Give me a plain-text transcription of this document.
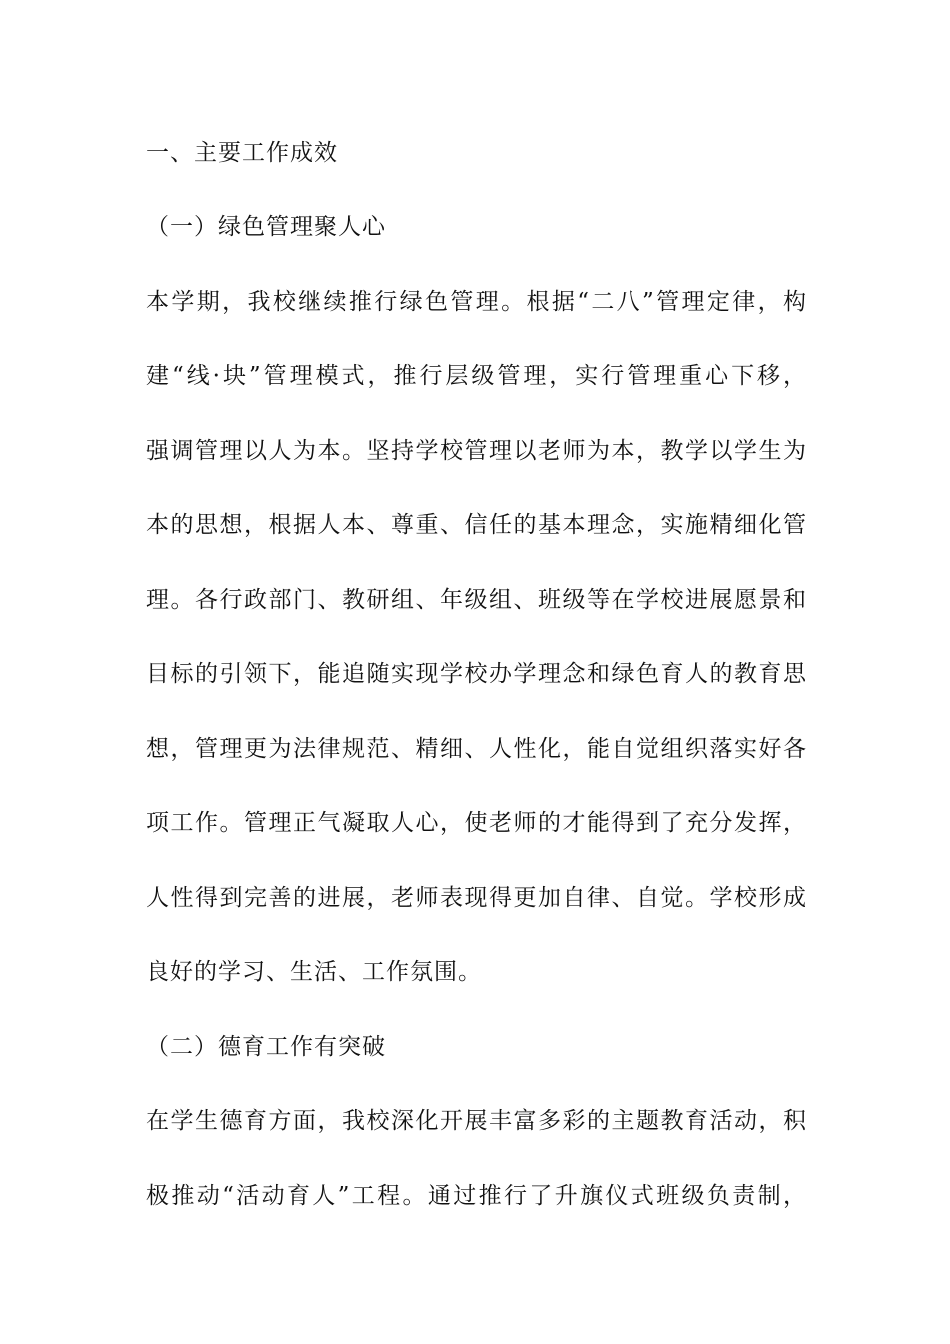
一、主要工作成效
（一）绿色管理聚人心
本学期，我校继续推行绿色管理。根据“二八”管理定律，构
建“线·块”管理模式，推行层级管理，实行管理重心下移，
强调管理以人为本。坚持学校管理以老师为本，教学以学生为
本的思想，根据人本、尊重、信任的基本理念，实施精细化管
理。各行政部门、教研组、年级组、班级等在学校进展愿景和
目标的引领下，能追随实现学校办学理念和绿色育人的教育思
想，管理更为法律规范、精细、人性化，能自觉组织落实好各
项工作。管理正气凝取人心，使老师的才能得到了充分发挥，
人性得到完善的进展，老师表现得更加自律、自觉。学校形成
良好的学习、生活、工作氛围。
（二）德育工作有突破
在学生德育方面，我校深化开展丰富多彩的主题教育活动，积
极推动“活动育人”工程。通过推行了升旗仪式班级负责制，
